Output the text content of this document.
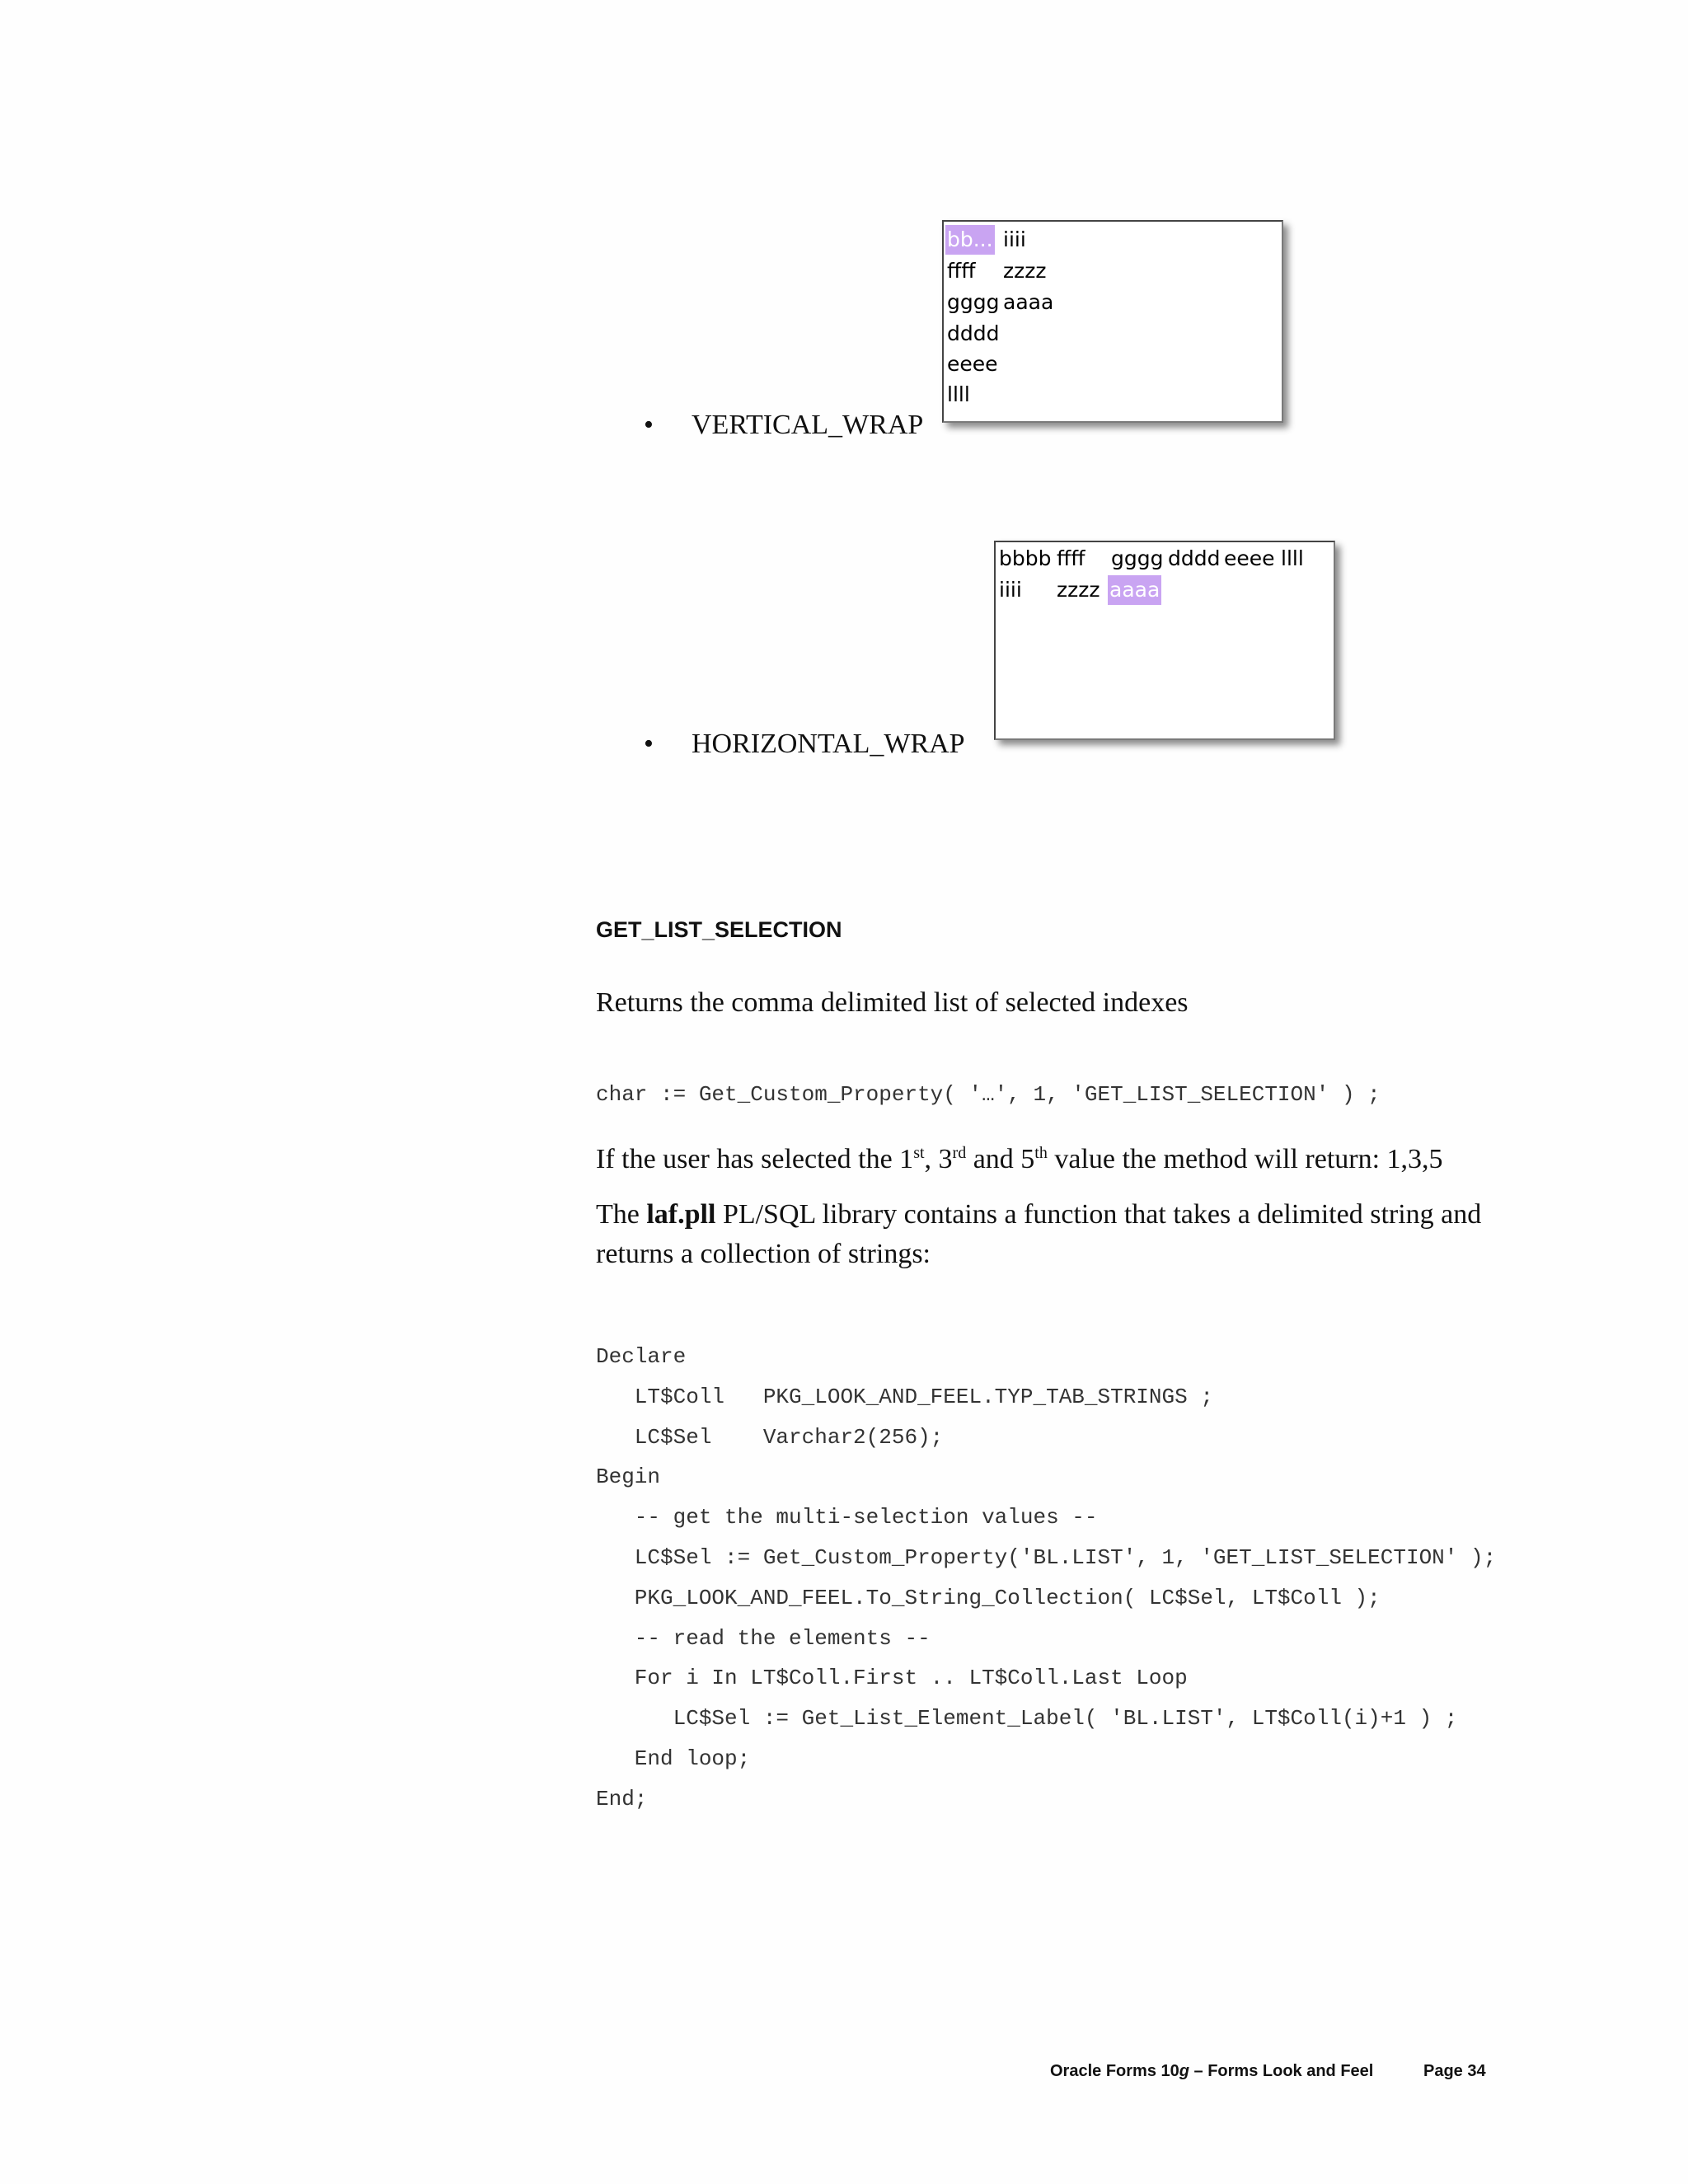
• VERTICAL_WRAP
bb... iiii
ffff zzzz
gggg aaaa
dddd
eeee
llll
• HORIZONTAL_WRAP
bbbb ffff gggg dddd eeee llll
iiii zzzz aaaa
GET_LIST_SELECTION
Returns the comma delimited list of selected indexes
char := Get_Custom_Property( '…', 1, 'GET_LIST_SELECTION' ) ;
If the user has selected the 1st, 3rd and 5th value the method will return: 1,3,5
The laf.pll PL/SQL library contains a function that takes a delimited string and returns a collection of strings:
Declare
LT$Coll   PKG_LOOK_AND_FEEL.TYP_TAB_STRINGS ;
LC$Sel    Varchar2(256);
Begin
-- get the multi-selection values --
LC$Sel := Get_Custom_Property('BL.LIST', 1, 'GET_LIST_SELECTION' );
PKG_LOOK_AND_FEEL.To_String_Collection( LC$Sel, LT$Coll );
-- read the elements --
For i In LT$Coll.First .. LT$Coll.Last Loop
LC$Sel := Get_List_Element_Label( 'BL.LIST', LT$Coll(i)+1 ) ;
End loop;
End;
Oracle Forms 10g – Forms Look and Feel	Page 34
